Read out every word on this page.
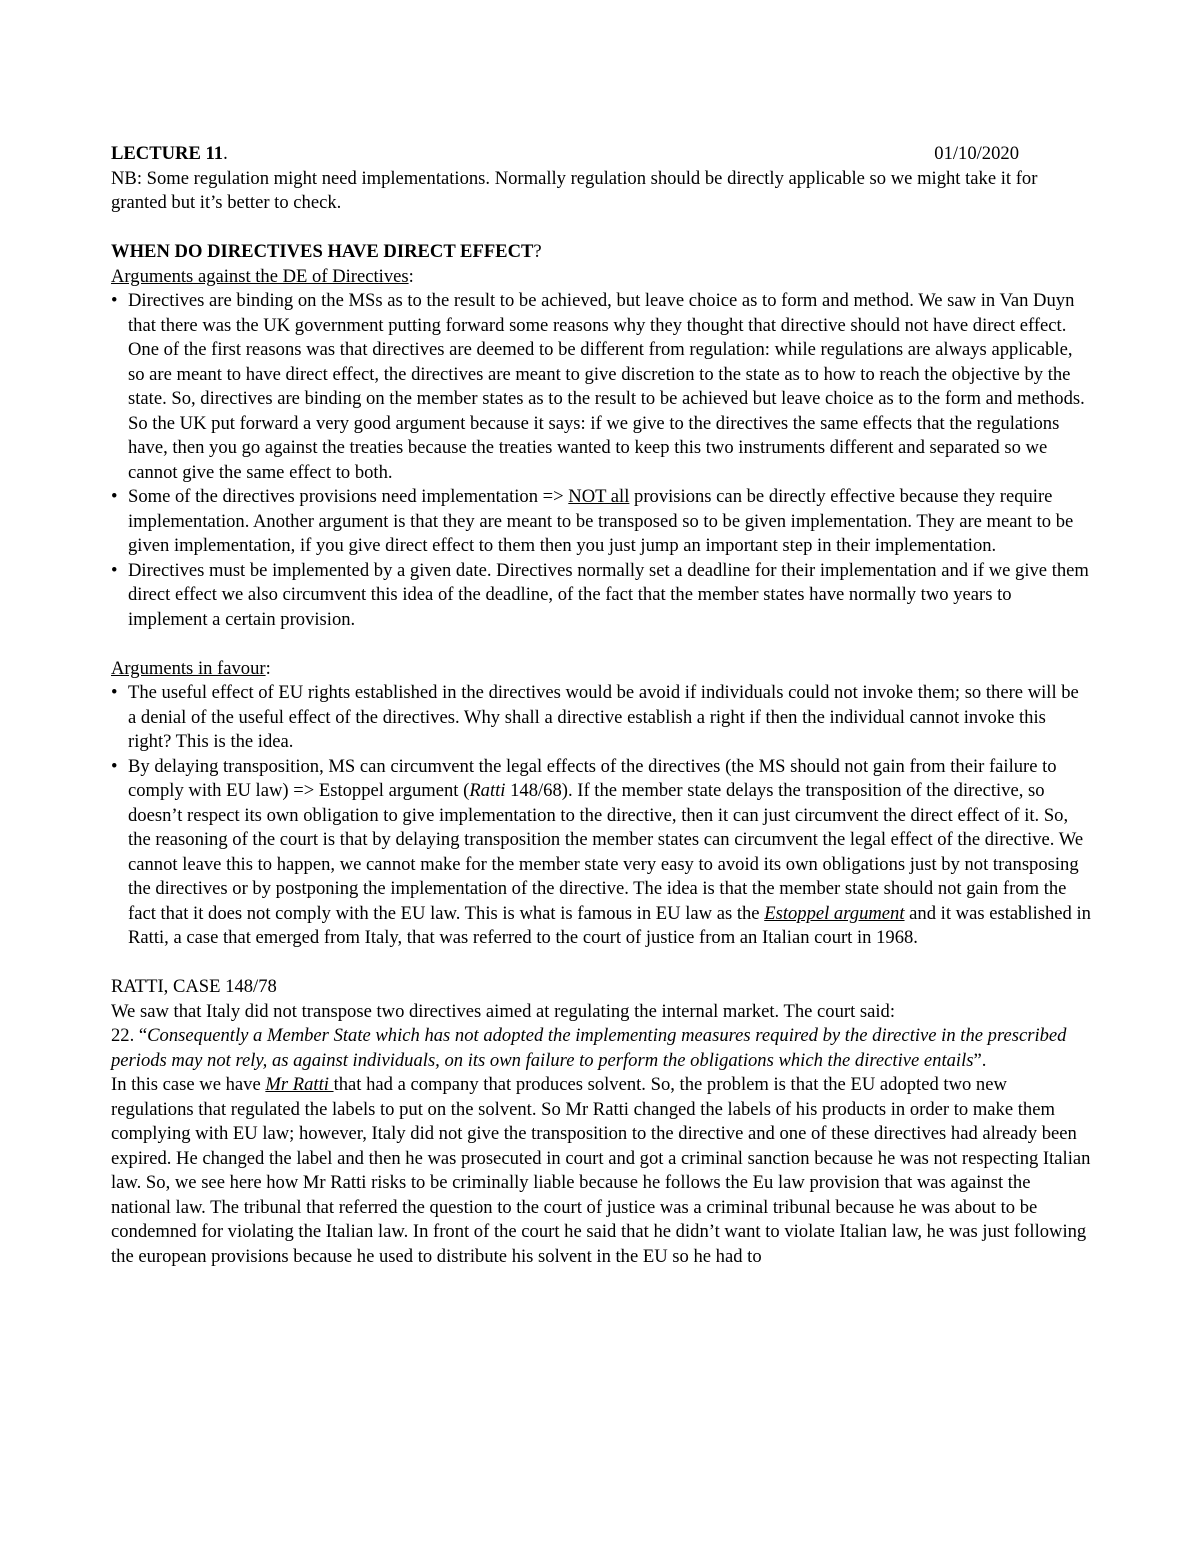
LECTURE 11.	01/10/2020

NB: Some regulation might need implementations. Normally regulation should be directly applicable so we might take it for granted but it’s better to check.

WHEN DO DIRECTIVES HAVE DIRECT EFFECT?

Arguments against the DE of Directives:

• Directives are binding on the MSs as to the result to be achieved, but leave choice as to form and method. We saw in Van Duyn that there was the UK government putting forward some reasons why they thought that directive should not have direct effect. One of the first reasons was that directives are deemed to be different from regulation: while regulations are always applicable, so are meant to have direct effect, the directives are meant to give discretion to the state as to how to reach the objective by the state. So, directives are binding on the member states as to the result to be achieved but leave choice as to the form and methods. So the UK put forward a very good argument because it says: if we give to the directives the same effects that the regulations have, then you go against the treaties because the treaties wanted to keep this two instruments different and separated so we cannot give the same effect to both.
• Some of the directives provisions need implementation => NOT all provisions can be directly effective because they require implementation. Another argument is that they are meant to be transposed so to be given implementation. They are meant to be given implementation, if you give direct effect to them then you just jump an important step in their implementation.
• Directives must be implemented by a given date. Directives normally set a deadline for their implementation and if we give them direct effect we also circumvent this idea of the deadline, of the fact that the member states have normally two years to implement a certain provision.

Arguments in favour:

• The useful effect of EU rights established in the directives would be avoid if individuals could not invoke them; so there will be a denial of the useful effect of the directives. Why shall a directive establish a right if then the individual cannot invoke this right? This is the idea.
• By delaying transposition, MS can circumvent the legal effects of the directives (the MS should not gain from their failure to comply with EU law) => Estoppel argument (Ratti 148/68). If the member state delays the transposition of the directive, so doesn’t respect its own obligation to give implementation to the directive, then it can just circumvent the direct effect of it. So, the reasoning of the court is that by delaying transposition the member states can circumvent the legal effect of the directive. We cannot leave this to happen, we cannot make for the member state very easy to avoid its own obligations just by not transposing the directives or by postponing the implementation of the directive. The idea is that the member state should not gain from the fact that it does not comply with the EU law. This is what is famous in EU law as the Estoppel argument and it was established in Ratti, a case that emerged from Italy, that was referred to the court of justice from an Italian court in 1968.

RATTI, CASE 148/78

We saw that Italy did not transpose two directives aimed at regulating the internal market. The court said:

22. “Consequently a Member State which has not adopted the implementing measures required by the directive in the prescribed periods may not rely, as against individuals, on its own failure to perform the obligations which the directive entails”.

In this case we have Mr Ratti that had a company that produces solvent. So, the problem is that the EU adopted two new regulations that regulated the labels to put on the solvent. So Mr Ratti changed the labels of his products in order to make them complying with EU law; however, Italy did not give the transposition to the directive and one of these directives had already been expired. He changed the label and then he was prosecuted in court and got a criminal sanction because he was not respecting Italian law. So, we see here how Mr Ratti risks to be criminally liable because he follows the Eu law provision that was against the national law. The tribunal that referred the question to the court of justice was a criminal tribunal because he was about to be condemned for violating the Italian law. In front of the court he said that he didn’t want to violate Italian law, he was just following the european provisions because he used to distribute his solvent in the EU so he had to
